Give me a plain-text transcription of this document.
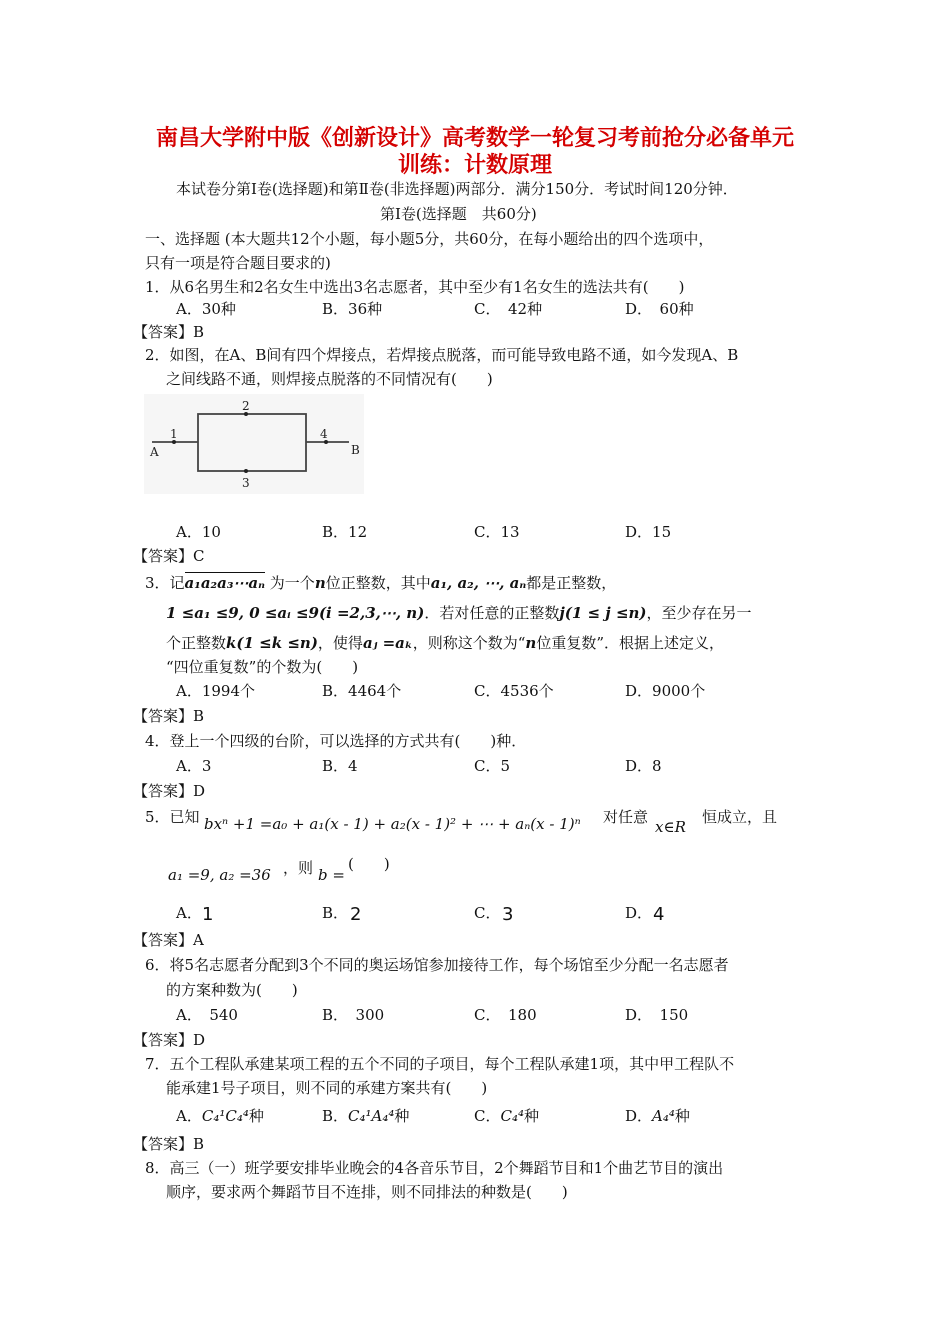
南昌大学附中版《创新设计》高考数学一轮复习考前抢分必备单元
训练：计数原理
本试卷分第Ⅰ卷(选择题)和第Ⅱ卷(非选择题)两部分．满分150分．考试时间120分钟．
第Ⅰ卷(选择题　共60分)
一、选择题 (本大题共12个小题，每小题5分，共60分，在每小题给出的四个选项中，
只有一项是符合题目要求的)
1．从6名男生和2名女生中选出3名志愿者，其中至少有1名女生的选法共有(　　)
A．30种	B．36种	C．　42种	D．　60种
【答案】B
2．如图，在A、B间有四个焊接点，若焊接点脱落，而可能导致电路不通，如今发现A、B
之间线路不通，则焊接点脱落的不同情况有(　　)
1
2
3
4
A	B
A．10	B．12	C．13	D．15
【答案】C
3．记a₁a₂a₃⋯aₙ 为一个n位正整数，其中a₁, a₂, ⋯, aₙ都是正整数，
1 ≤a₁ ≤9, 0 ≤aᵢ ≤9(i =2,3,⋯, n)．若对任意的正整数j(1 ≤ j ≤n)，至少存在另一
个正整数k(1 ≤k ≤n)，使得aⱼ =aₖ，则称这个数为“n位重复数”．根据上述定义，
“四位重复数”的个数为(　　)
A．1994个	B．4464个	C．4536个	D．9000个
【答案】B
4．登上一个四级的台阶，可以选择的方式共有(　　)种．
A．3	B．4	C．5	D．8
【答案】D
5．已知 bxⁿ +1 =a₀ + a₁(x - 1) + a₂(x - 1)² + ⋯ + aₙ(x - 1)ⁿ 对任意
x∈R
恒成立，且
a₁ =9, a₂ =36 ，则 b =
(　　)
A． 1	B． 2	C． 3	D． 4
【答案】A
6．将5名志愿者分配到3个不同的奥运场馆参加接待工作，每个场馆至少分配一名志愿者
的方案种数为(　　)
A．　540	B．　300	C．　180	D．　150
【答案】D
7．五个工程队承建某项工程的五个不同的子项目，每个工程队承建1项，其中甲工程队不
能承建1号子项目，则不同的承建方案共有(　　)
A．C₄¹C₄⁴种	B．C₄¹A₄⁴种	C．C₄⁴种	D．A₄⁴种
【答案】B
8．高三（一）班学要安排毕业晚会的4各音乐节目，2个舞蹈节目和1个曲艺节目的演出
顺序，要求两个舞蹈节目不连排，则不同排法的种数是(　　)
